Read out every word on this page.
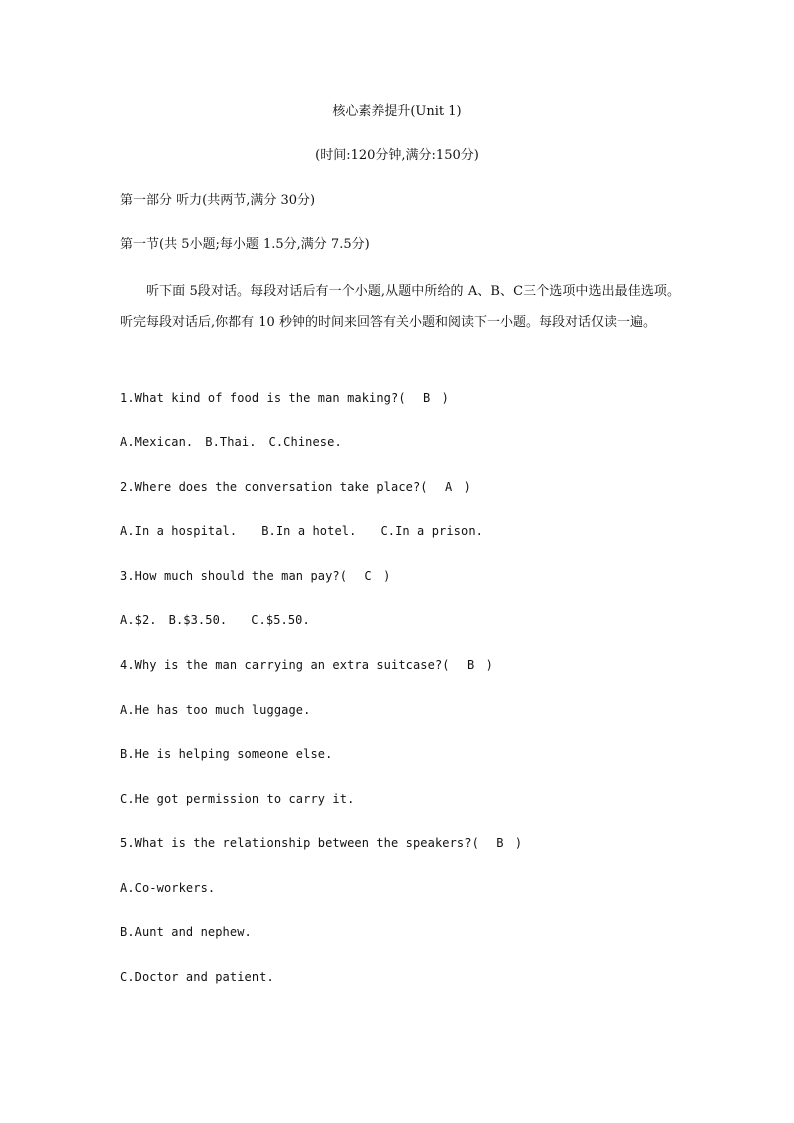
核心素养提升(Unit 1)
(时间:120分钟,满分:150分)
第一部分 听力(共两节,满分 30分)
第一节(共 5小题;每小题 1.5分,满分 7.5分)
听下面 5段对话。每段对话后有一个小题,从题中所给的 A、B、C三个选项中选出最佳选项。听完每段对话后,你都有 10 秒钟的时间来回答有关小题和阅读下一小题。每段对话仅读一遍。
1.What kind of food is the man making?( B )
A.Mexican. B.Thai. C.Chinese.
2.Where does the conversation take place?( A )
A.In a hospital. B.In a hotel. C.In a prison.
3.How much should the man pay?( C )
A.$2. B.$3.50. C.$5.50.
4.Why is the man carrying an extra suitcase?( B )
A.He has too much luggage.
B.He is helping someone else.
C.He got permission to carry it.
5.What is the relationship between the speakers?( B )
A.Co-workers.
B.Aunt and nephew.
C.Doctor and patient.
